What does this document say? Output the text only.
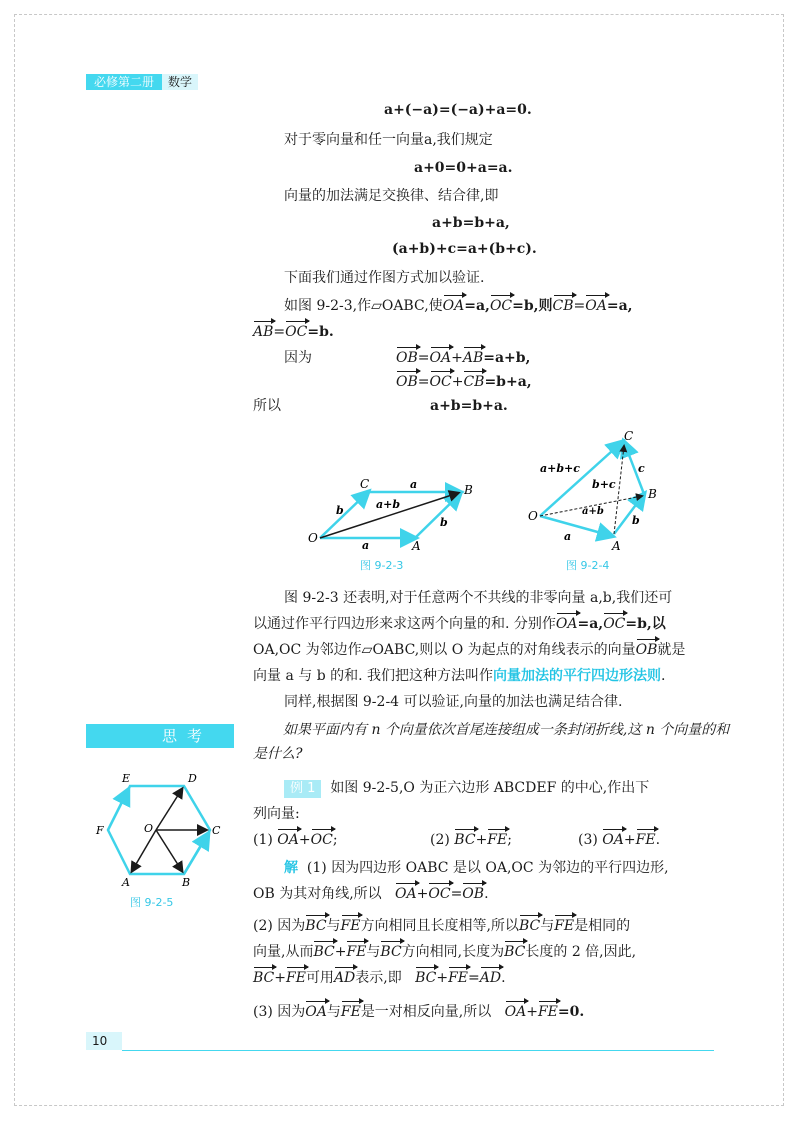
必修第二册	数学
a+(−a)=(−a)+a=0.
对于零向量和任一向量a,我们规定
a+0=0+a=a.
向量的加法满足交换律、结合律,即
a+b=b+a,
(a+b)+c=a+(b+c).
下面我们通过作图方式加以验证.
如图 9-2-3,作▱OABC,使OA=a,OC=b,则CB=OA=a,
AB=OC=b.
因为	OB=OA+AB=a+b,
OB=OC+CB=b+a,
所以	a+b=b+a.
O
A
B
C	a
a
b
b
a+b
图 9-2-3
O
A
B
C
a
b
c
a+b+c
b+c
a+b
图 9-2-4
图 9-2-3 还表明,对于任意两个不共线的非零向量 a,b,我们还可
以通过作平行四边形来求这两个向量的和. 分别作OA=a,OC=b,以
OA,OC 为邻边作▱OABC,则以 O 为起点的对角线表示的向量OB就是
向量 a 与 b 的和. 我们把这种方法叫作向量加法的平行四边形法则.
同样,根据图 9-2-4 可以验证,向量的加法也满足结合律.
思考	如果平面内有 n 个向量依次首尾连接组成一条封闭折线,这 n 个向量的和是什么?
E	D
C
F	O
A	B
图 9-2-5
例 1 如图 9-2-5,O 为正六边形 ABCDEF 的中心,作出下
列向量:
(1) OA+OC;	(2) BC+FE;	(3) OA+FE.
解 (1) 因为四边形 OABC 是以 OA,OC 为邻边的平行四边形,
OB 为其对角线,所以 OA+OC=OB.
(2) 因为BC与FE方向相同且长度相等,所以BC与FE是相同的
向量,从而BC+FE与BC方向相同,长度为BC长度的 2 倍,因此,
BC+FE可用AD表示,即 BC+FE=AD.
(3) 因为OA与FE是一对相反向量,所以 OA+FE=0.
10
